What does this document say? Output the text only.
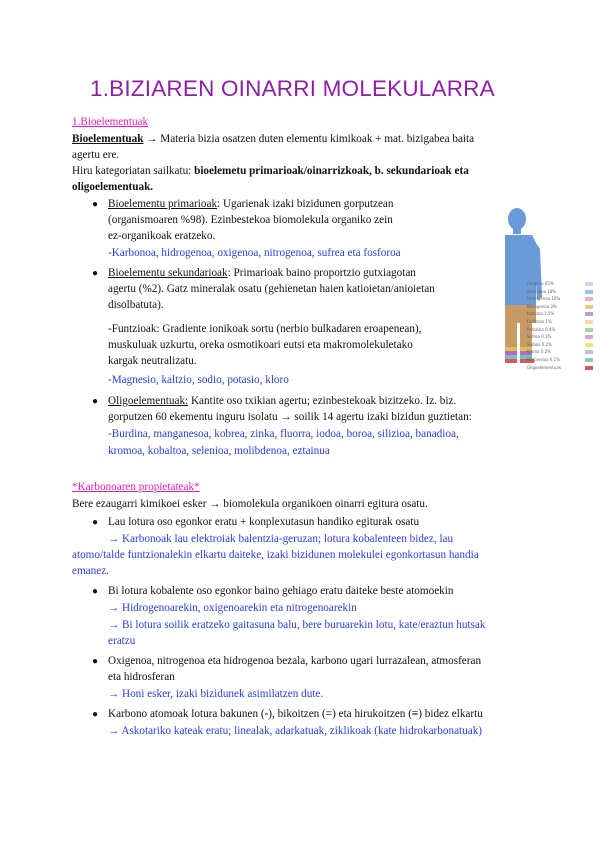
1.BIZIAREN OINARRI MOLEKULARRA
1.Bioelementuak
Bioelementuak → Materia bizia osatzen duten elementu kimikoak + mat. bizigabea baita
agertu ere.
Hiru kategoriatan sailkatu: bioelemetu primarioak/oinarrizkoak, b. sekundarioak eta
oligoelementuak.
● Bioelementu primarioak: Ugarienak izaki bizidunen gorputzean
(organismoaren %98). Ezinbestekoa biomolekula organiko zein
ez-organikoak eratzeko.
-Karbonoa, hidrogenoa, oxigenoa, nitrogenoa, sufrea eta fosforoa
● Bioelementu sekundarioak: Primarioak baino proportzio gutxiagotan
agertu (%2). Gatz mineralak osatu (gehienetan haien katioietan/anioietan
disolbatuta).
-Funtzioak: Gradiente ionikoak sortu (nerbio bulkadaren eroapenean),
muskuluak uzkurtu, oreka osmotikoari eutsi eta makromolekuletako
kargak neutralizatu.
-Magnesio, kaltzio, sodio, potasio, kloro
● Oligoelementuak: Kantite oso txikian agertu; ezinbestekoak bizitzeko. Iz. biz.
gorputzen 60 ekementu inguru isolatu → soilik 14 agertu izaki bizidun guztietan:
-Burdina, manganesoa, kobrea, zinka, fluorra, iodoa, boroa, silizioa, banadioa,
kromoa, kobaltoa, selenioa, molibdenoa, eztainua
Oxigeno 65%
Karbonoa 18%
Hidrogenoa 10%
Nitrogenoa 3%
Kaltzioa 1.5%
Fosforoa 1%
Potasioa 0.4%
Sufrea 0.3%
Sodioa 0.2%
Kloroa 0.2%
Magnesioa 0.1%
Oligoelementuak
*Karbonoaren propietateak*
Bere ezaugarri kimikoei esker → biomolekula organikoen oinarri egitura osatu.
● Lau lotura oso egonkor eratu + konplexutasun handiko egiturak osatu
→ Karbonoak lau elektroiak balentzia-geruzan; lotura kobalenteen bidez, lau
atomo/talde funtzionalekin elkartu daiteke, izaki bizidunen molekulei egonkortasun handia
emanez.
● Bi lotura kobalente oso egonkor baino gehiago eratu daiteke beste atomoekin
→ Hidrogenoarekin, oxigenoarekin eta nitrogenoarekin
→ Bi lotura soilik eratzeko gaitasuna balu, bere buruarekin lotu, kate/eraztun hutsak
eratzu
● Oxigenoa, nitrogenoa eta hidrogenoa bezala, karbono ugari lurrazalean, atmosferan
eta hidrosferan
→ Honi esker, izaki bizidunek asimilatzen dute.
● Karbono atomoak lotura bakunen (-), bikoitzen (=) eta hirukoitzen (≡) bidez elkartu
→ Askotariko kateak eratu; linealak, adarkatuak, ziklikoak (kate hidrokarbonatuak)
